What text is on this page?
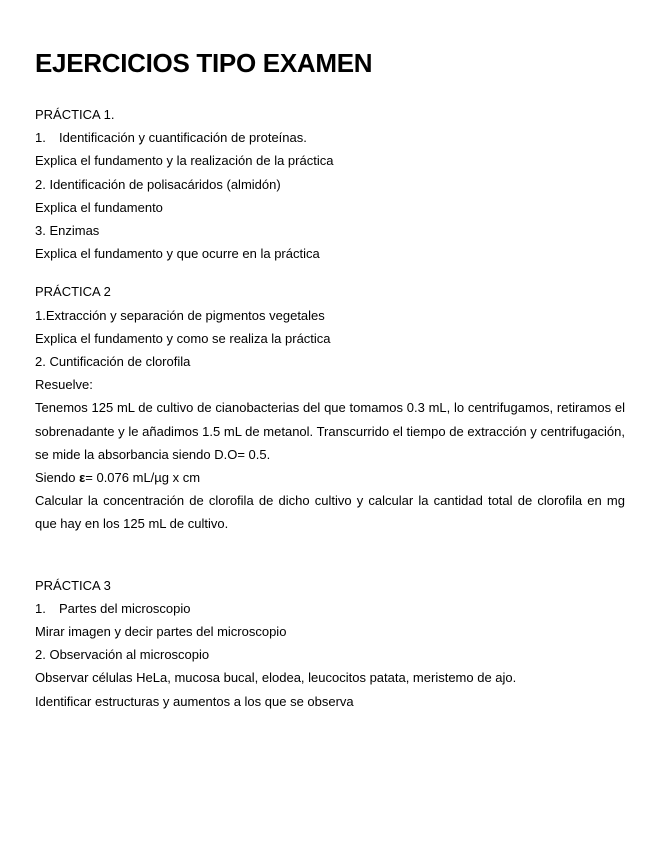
EJERCICIOS TIPO EXAMEN
PRÁCTICA 1.
1. Identificación y cuantificación de proteínas.
Explica el fundamento y la realización de la práctica
2. Identificación de polisacáridos (almidón)
Explica el fundamento
3. Enzimas
Explica el fundamento y que ocurre en la práctica
PRÁCTICA 2
1.Extracción y separación de pigmentos vegetales
Explica el fundamento y como se realiza la práctica
2. Cuntificación de clorofila
Resuelve:
Tenemos 125 mL de cultivo de cianobacterias del que tomamos 0.3 mL, lo centrifugamos, retiramos el sobrenadante y le añadimos 1.5 mL de metanol. Transcurrido el tiempo de extracción y centrifugación, se mide la absorbancia siendo D.O= 0.5.
Siendo ε= 0.076 mL/µg x cm
Calcular la concentración de clorofila de dicho cultivo y calcular la cantidad total de clorofila en mg que hay en los 125 mL de cultivo.
PRÁCTICA 3
1. Partes del microscopio
Mirar imagen y decir partes del microscopio
2. Observación al microscopio
Observar células HeLa, mucosa bucal, elodea, leucocitos patata, meristemo de ajo.
Identificar estructuras y aumentos a los que se observa
